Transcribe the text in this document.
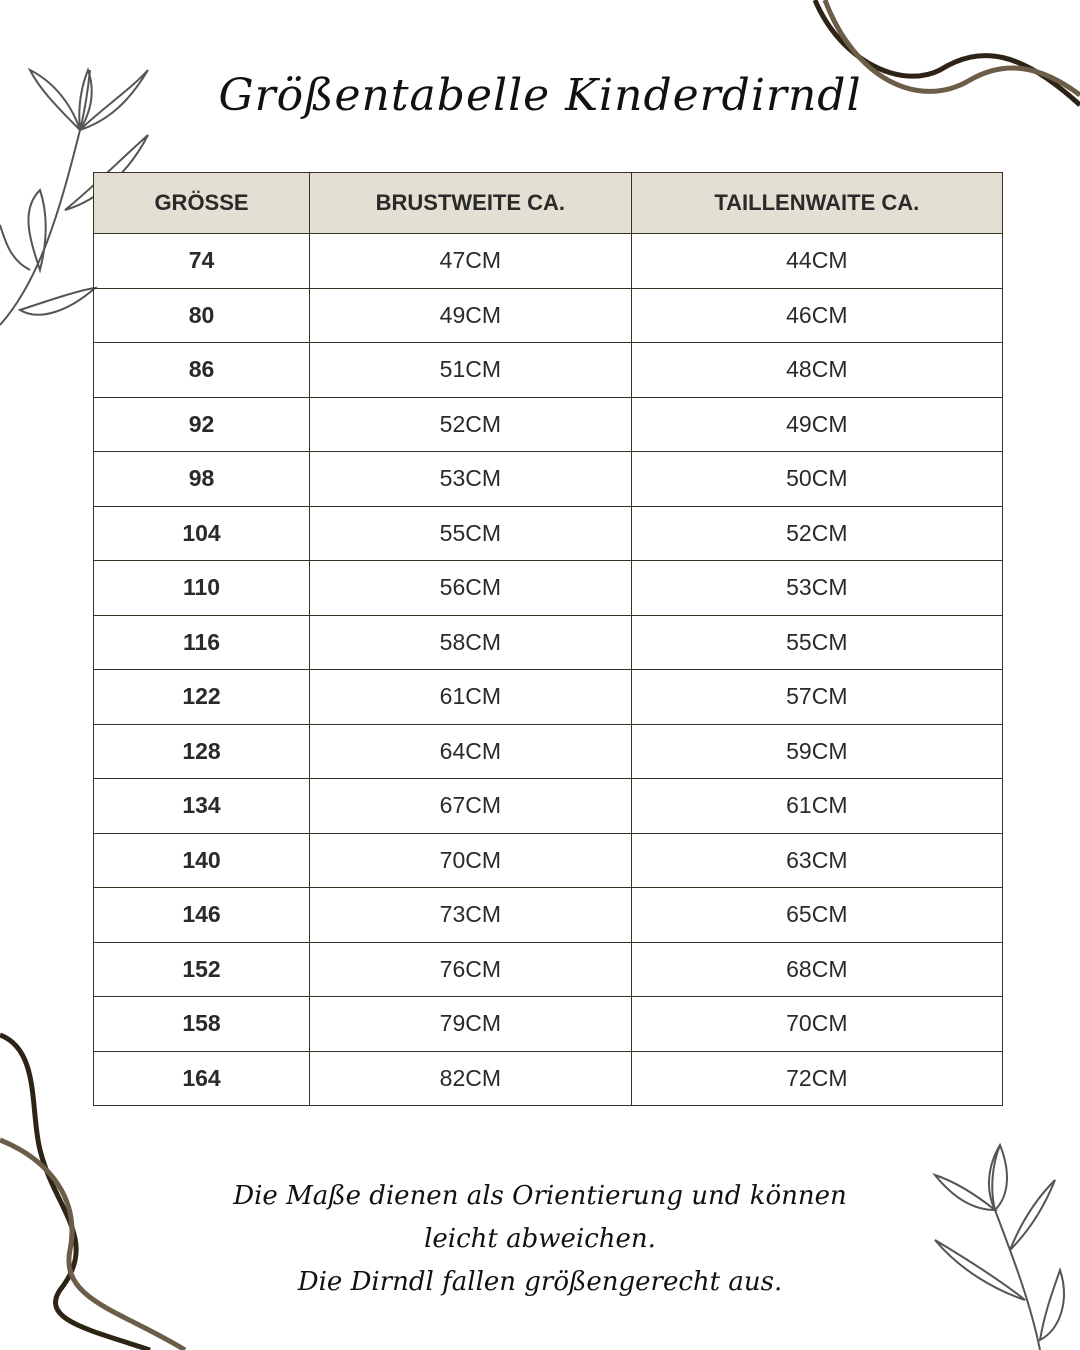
Größentabelle Kinderdirndl
GRÖSSE	BRUSTWEITE CA.	TAILLENWAITE CA.
74	47CM	44CM
80	49CM	46CM
86	51CM	48CM
92	52CM	49CM
98	53CM	50CM
104	55CM	52CM
110	56CM	53CM
116	58CM	55CM
122	61CM	57CM
128	64CM	59CM
134	67CM	61CM
140	70CM	63CM
146	73CM	65CM
152	76CM	68CM
158	79CM	70CM
164	82CM	72CM
Die Maße dienen als Orientierung und können
leicht abweichen.
Die Dirndl fallen größengerecht aus.
